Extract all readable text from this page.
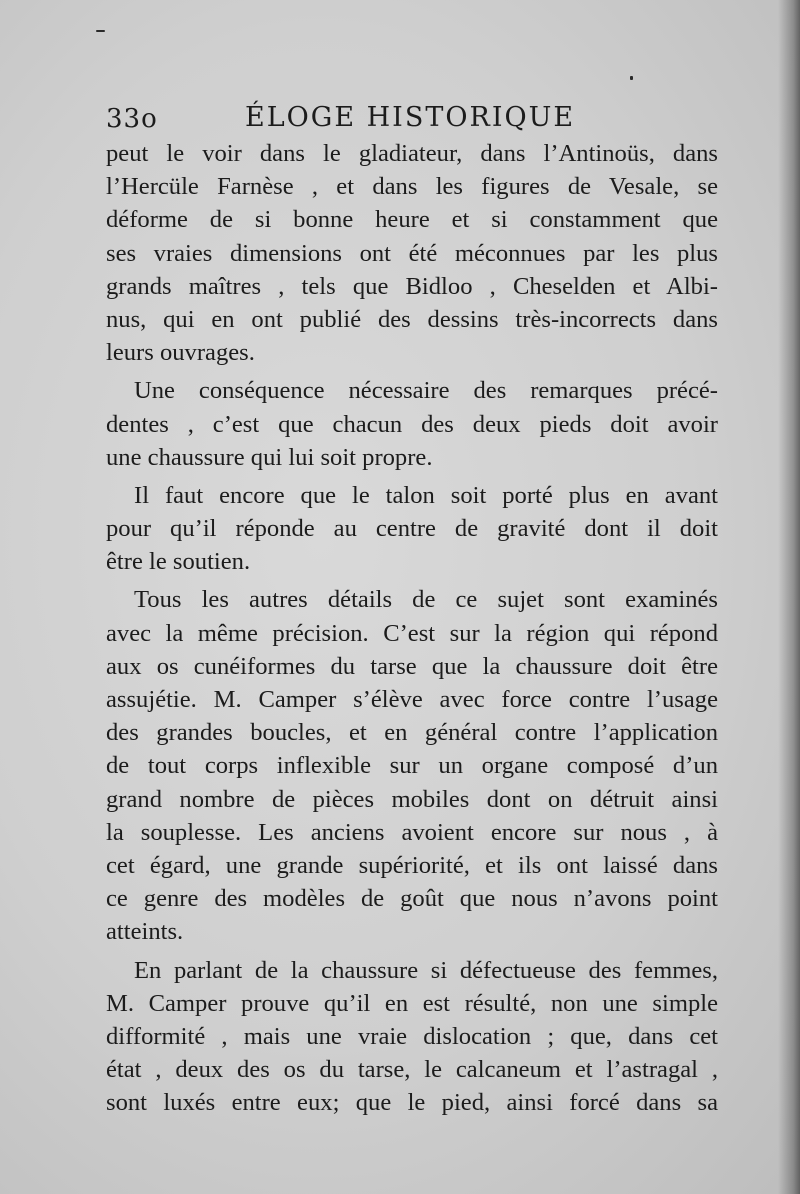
33o	ÉLOGE HISTORIQUE
peut le voir dans le gladiateur, dans l’Antinoüs, dans
l’Hercüle Farnèse , et dans les figures de Vesale, se
déforme de si bonne heure et si constamment que
ses vraies dimensions ont été méconnues par les plus
grands maîtres , tels que Bidloo , Cheselden et Albi-
nus, qui en ont publié des dessins très-incorrects dans
leurs ouvrages.
Une conséquence nécessaire des remarques précé-
dentes , c’est que chacun des deux pieds doit avoir
une chaussure qui lui soit propre.
Il faut encore que le talon soit porté plus en avant
pour qu’il réponde au centre de gravité dont il doit
être le soutien.
Tous les autres détails de ce sujet sont examinés
avec la même précision. C’est sur la région qui répond
aux os cunéiformes du tarse que la chaussure doit être
assujétie. M. Camper s’élève avec force contre l’usage
des grandes boucles, et en général contre l’application
de tout corps inflexible sur un organe composé d’un
grand nombre de pièces mobiles dont on détruit ainsi
la souplesse. Les anciens avoient encore sur nous , à
cet égard, une grande supériorité, et ils ont laissé dans
ce genre des modèles de goût que nous n’avons point
atteints.
En parlant de la chaussure si défectueuse des femmes,
M. Camper prouve qu’il en est résulté, non une simple
difformité , mais une vraie dislocation ; que, dans cet
état , deux des os du tarse, le calcaneum et l’astragal ,
sont luxés entre eux; que le pied, ainsi forcé dans sa
